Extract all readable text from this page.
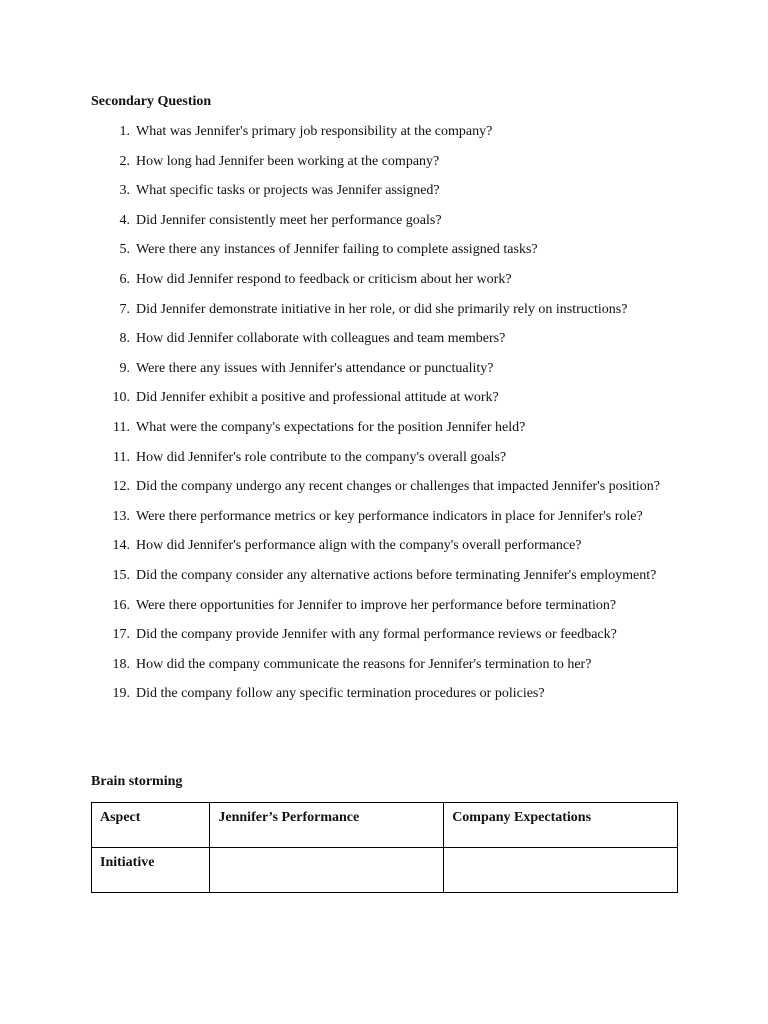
Secondary Question
1. What was Jennifer's primary job responsibility at the company?
2. How long had Jennifer been working at the company?
3. What specific tasks or projects was Jennifer assigned?
4. Did Jennifer consistently meet her performance goals?
5. Were there any instances of Jennifer failing to complete assigned tasks?
6. How did Jennifer respond to feedback or criticism about her work?
7. Did Jennifer demonstrate initiative in her role, or did she primarily rely on instructions?
8. How did Jennifer collaborate with colleagues and team members?
9. Were there any issues with Jennifer's attendance or punctuality?
10. Did Jennifer exhibit a positive and professional attitude at work?
11. What were the company's expectations for the position Jennifer held?
11. How did Jennifer's role contribute to the company's overall goals?
12. Did the company undergo any recent changes or challenges that impacted Jennifer's position?
13. Were there performance metrics or key performance indicators in place for Jennifer's role?
14. How did Jennifer's performance align with the company's overall performance?
15. Did the company consider any alternative actions before terminating Jennifer's employment?
16. Were there opportunities for Jennifer to improve her performance before termination?
17. Did the company provide Jennifer with any formal performance reviews or feedback?
18. How did the company communicate the reasons for Jennifer's termination to her?
19. Did the company follow any specific termination procedures or policies?
Brain storming
Aspect	Jennifer’s Performance	Company Expectations
Initiative		
